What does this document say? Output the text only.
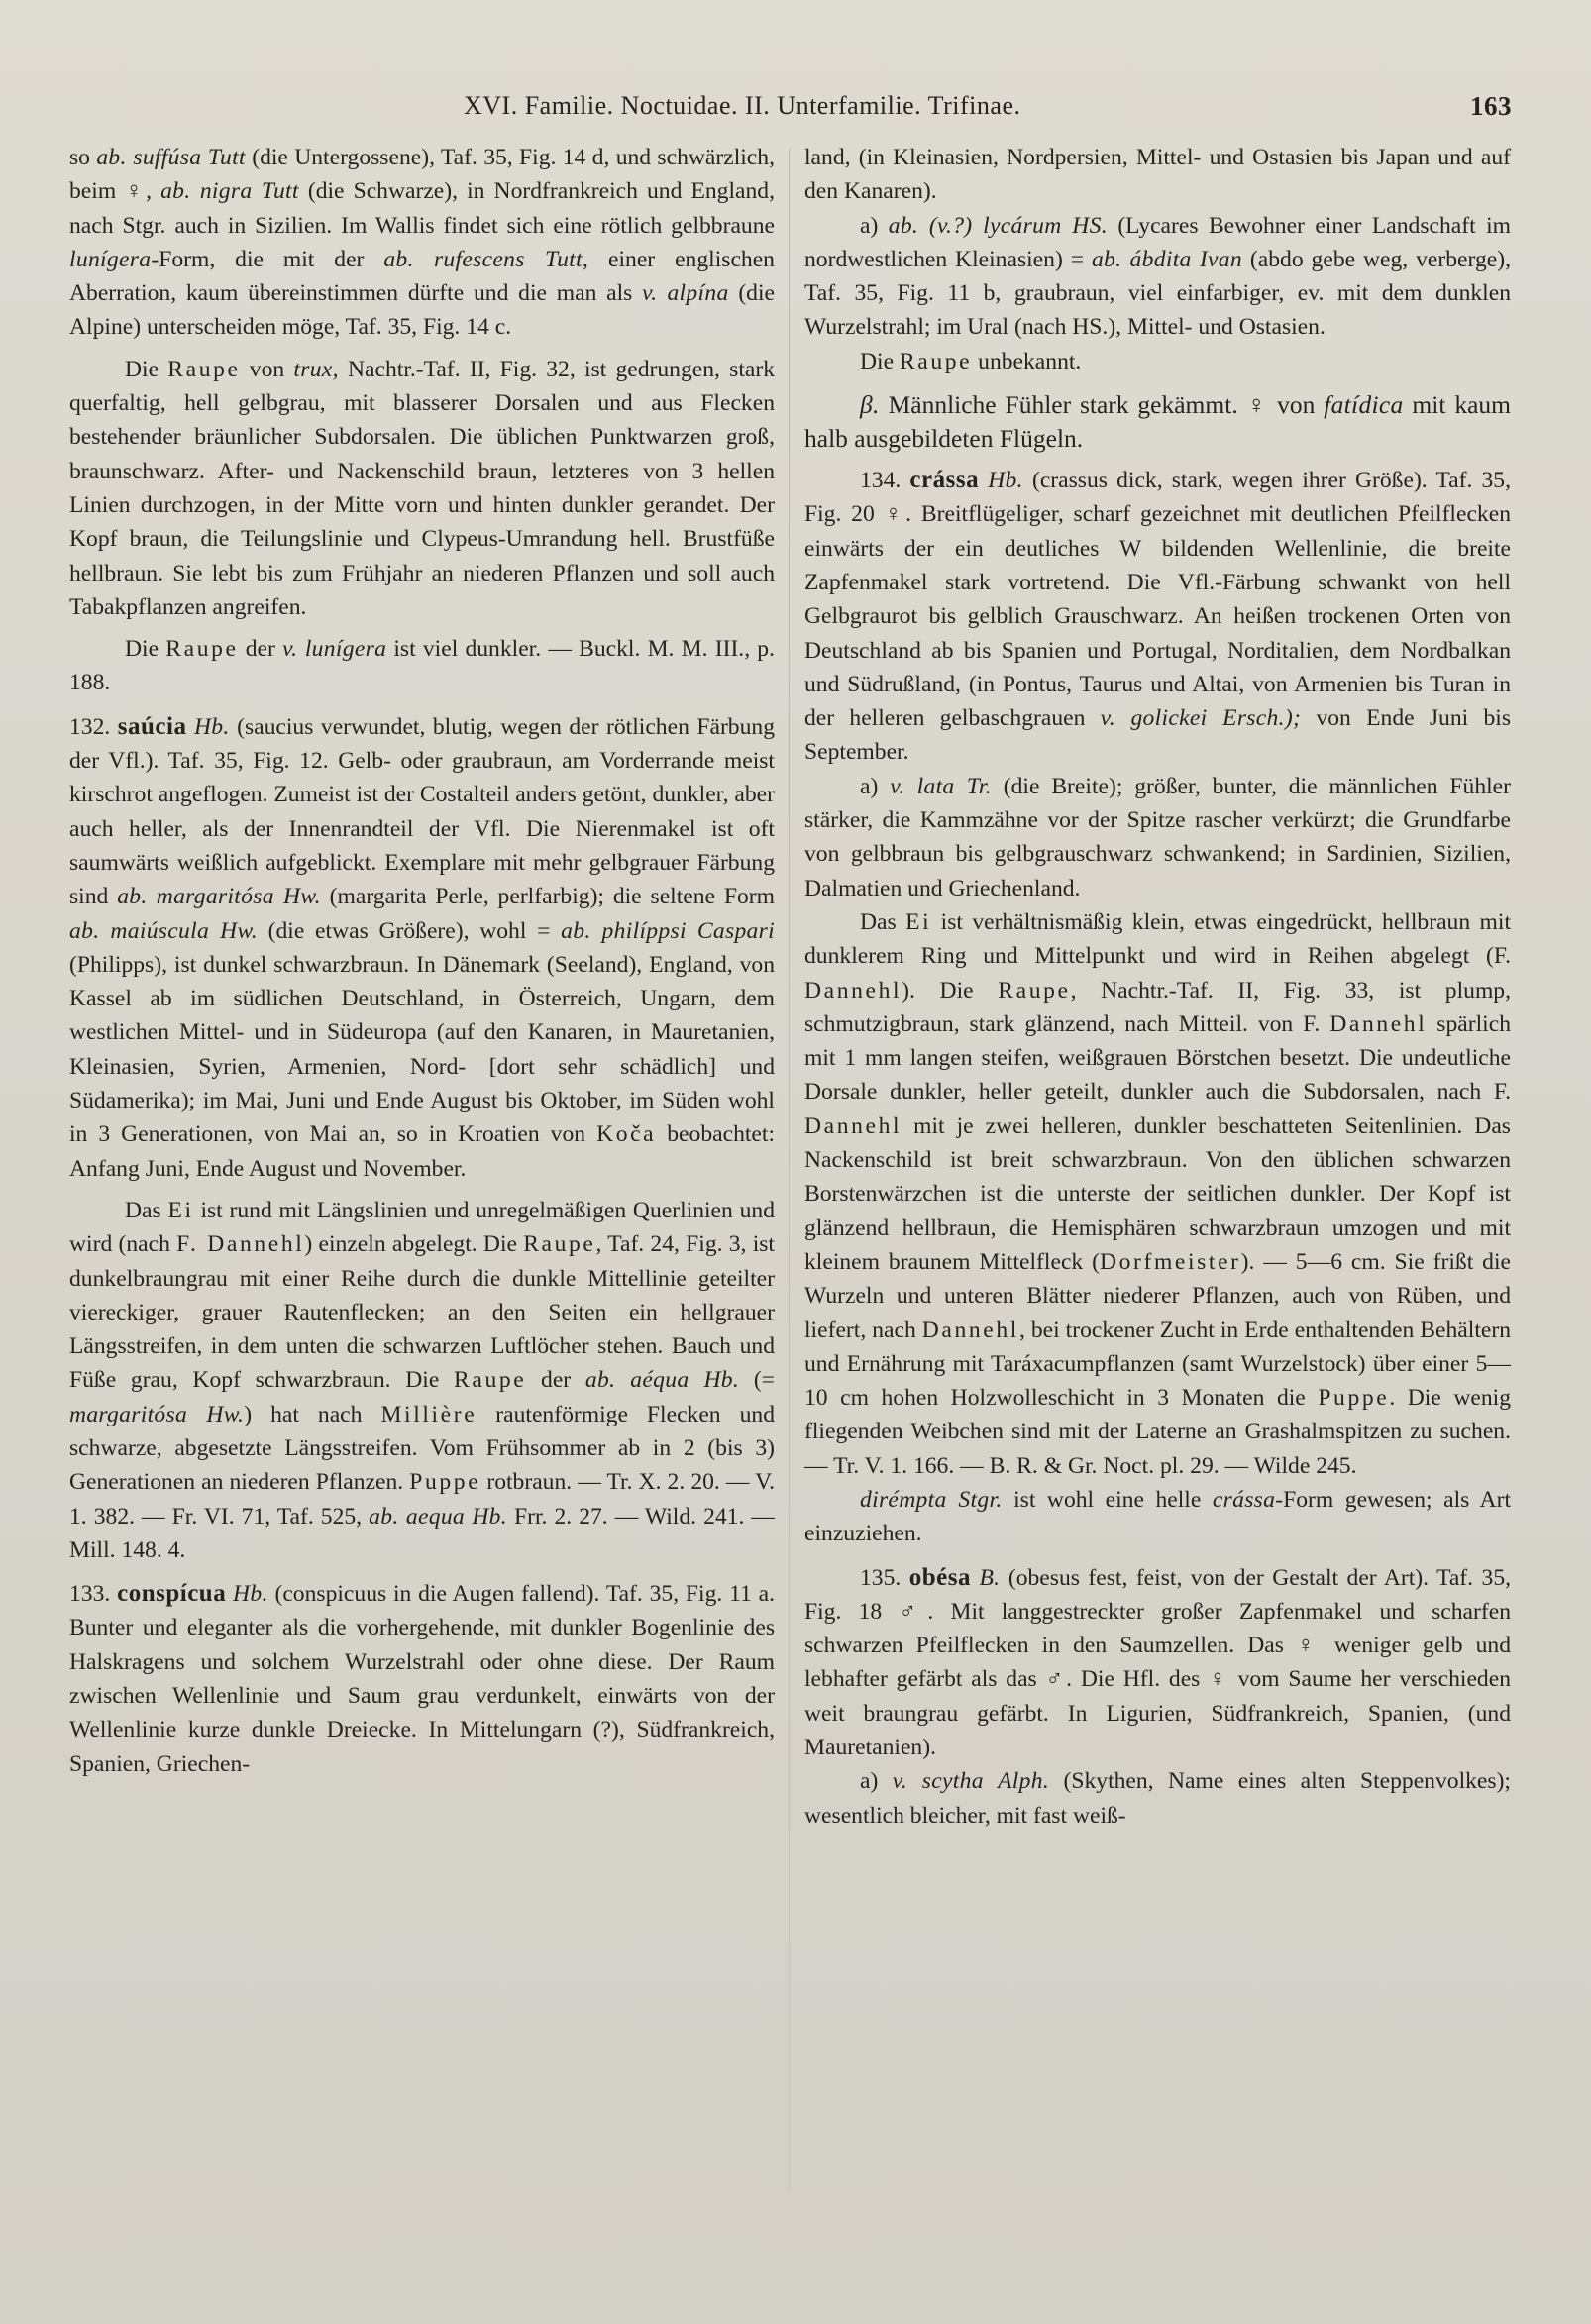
XVI. Familie. Noctuidae. II. Unterfamilie. Trifinae.	163

so ab. suffúsa Tutt (die Untergossene), Taf. 35, Fig. 14 d, und schwärzlich, beim ♀, ab. nigra Tutt (die Schwarze), in Nordfrankreich und England, nach Stgr. auch in Sizilien. Im Wallis findet sich eine rötlich gelbbraune lunígera-Form, die mit der ab. rufescens Tutt, einer englischen Aberration, kaum übereinstimmen dürfte und die man als v. alpína (die Alpine) unterscheiden möge, Taf. 35, Fig. 14 c.

Die Raupe von trux, Nachtr.-Taf. II, Fig. 32, ist gedrungen, stark querfaltig, hell gelbgrau, mit blasserer Dorsalen und aus Flecken bestehender bräunlicher Subdorsalen. Die üblichen Punktwarzen groß, braunschwarz. After- und Nackenschild braun, letzteres von 3 hellen Linien durchzogen, in der Mitte vorn und hinten dunkler gerandet. Der Kopf braun, die Teilungslinie und Clypeus-Umrandung hell. Brustfüße hellbraun. Sie lebt bis zum Frühjahr an niederen Pflanzen und soll auch Tabakpflanzen angreifen.

Die Raupe der v. lunígera ist viel dunkler. — Buckl. M. M. III., p. 188.

132. saúcia Hb. (saucius verwundet, blutig, wegen der rötlichen Färbung der Vfl.). Taf. 35, Fig. 12. Gelb- oder graubraun, am Vorderrande meist kirschrot angeflogen. Zumeist ist der Costalteil anders getönt, dunkler, aber auch heller, als der Innenrandteil der Vfl. Die Nierenmakel ist oft saumwärts weißlich aufgeblickt. Exemplare mit mehr gelbgrauer Färbung sind ab. margaritósa Hw. (margarita Perle, perlfarbig); die seltene Form ab. maiúscula Hw. (die etwas Größere), wohl = ab. philíppsi Caspari (Philipps), ist dunkel schwarzbraun. In Dänemark (Seeland), England, von Kassel ab im südlichen Deutschland, in Österreich, Ungarn, dem westlichen Mittel- und in Südeuropa (auf den Kanaren, in Mauretanien, Kleinasien, Syrien, Armenien, Nord- [dort sehr schädlich] und Südamerika); im Mai, Juni und Ende August bis Oktober, im Süden wohl in 3 Generationen, von Mai an, so in Kroatien von Koča beobachtet: Anfang Juni, Ende August und November.

Das Ei ist rund mit Längslinien und unregelmäßigen Querlinien und wird (nach F. Dannehl) einzeln abgelegt. Die Raupe, Taf. 24, Fig. 3, ist dunkelbraungrau mit einer Reihe durch die dunkle Mittellinie geteilter viereckiger, grauer Rautenflecken; an den Seiten ein hellgrauer Längsstreifen, in dem unten die schwarzen Luftlöcher stehen. Bauch und Füße grau, Kopf schwarzbraun. Die Raupe der ab. aéqua Hb. (= margaritósa Hw.) hat nach Millière rautenförmige Flecken und schwarze, abgesetzte Längsstreifen. Vom Frühsommer ab in 2 (bis 3) Generationen an niederen Pflanzen. Puppe rotbraun. — Tr. X. 2. 20. — V. 1. 382. — Fr. VI. 71, Taf. 525, ab. aequa Hb. Frr. 2. 27. — Wild. 241. — Mill. 148. 4.

133. conspícua Hb. (conspicuus in die Augen fallend). Taf. 35, Fig. 11 a. Bunter und eleganter als die vorhergehende, mit dunkler Bogenlinie des Halskragens und solchem Wurzelstrahl oder ohne diese. Der Raum zwischen Wellenlinie und Saum grau verdunkelt, einwärts von der Wellenlinie kurze dunkle Dreiecke. In Mittelungarn (?), Südfrankreich, Spanien, Griechen-

land, (in Kleinasien, Nordpersien, Mittel- und Ostasien bis Japan und auf den Kanaren).

a) ab. (v.?) lycárum HS. (Lycares Bewohner einer Landschaft im nordwestlichen Kleinasien) = ab. ábdita Ivan (abdo gebe weg, verberge), Taf. 35, Fig. 11 b, graubraun, viel einfarbiger, ev. mit dem dunklen Wurzelstrahl; im Ural (nach HS.), Mittel- und Ostasien.

Die Raupe unbekannt.

β. Männliche Fühler stark gekämmt. ♀ von fatídica mit kaum halb ausgebildeten Flügeln.

134. crássa Hb. (crassus dick, stark, wegen ihrer Größe). Taf. 35, Fig. 20 ♀. Breitflügeliger, scharf gezeichnet mit deutlichen Pfeilflecken einwärts der ein deutliches W bildenden Wellenlinie, die breite Zapfenmakel stark vortretend. Die Vfl.-Färbung schwankt von hell Gelbgraurot bis gelblich Grauschwarz. An heißen trockenen Orten von Deutschland ab bis Spanien und Portugal, Norditalien, dem Nordbalkan und Südrußland, (in Pontus, Taurus und Altai, von Armenien bis Turan in der helleren gelbaschgrauen v. golickei Ersch.); von Ende Juni bis September.

a) v. lata Tr. (die Breite); größer, bunter, die männlichen Fühler stärker, die Kammzähne vor der Spitze rascher verkürzt; die Grundfarbe von gelbbraun bis gelbgrauschwarz schwankend; in Sardinien, Sizilien, Dalmatien und Griechenland.

Das Ei ist verhältnismäßig klein, etwas eingedrückt, hellbraun mit dunklerem Ring und Mittelpunkt und wird in Reihen abgelegt (F. Dannehl). Die Raupe, Nachtr.-Taf. II, Fig. 33, ist plump, schmutzigbraun, stark glänzend, nach Mitteil. von F. Dannehl spärlich mit 1 mm langen steifen, weißgrauen Börstchen besetzt. Die undeutliche Dorsale dunkler, heller geteilt, dunkler auch die Subdorsalen, nach F. Dannehl mit je zwei helleren, dunkler beschatteten Seitenlinien. Das Nackenschild ist breit schwarzbraun. Von den üblichen schwarzen Borstenwärzchen ist die unterste der seitlichen dunkler. Der Kopf ist glänzend hellbraun, die Hemisphären schwarzbraun umzogen und mit kleinem braunem Mittelfleck (Dorfmeister). — 5—6 cm. Sie frißt die Wurzeln und unteren Blätter niederer Pflanzen, auch von Rüben, und liefert, nach Dannehl, bei trockener Zucht in Erde enthaltenden Behältern und Ernährung mit Taráxacumpflanzen (samt Wurzelstock) über einer 5—10 cm hohen Holzwolleschicht in 3 Monaten die Puppe. Die wenig fliegenden Weibchen sind mit der Laterne an Grashalmspitzen zu suchen. — Tr. V. 1. 166. — B. R. & Gr. Noct. pl. 29. — Wilde 245.

dirémpta Stgr. ist wohl eine helle crássa-Form gewesen; als Art einzuziehen.

135. obésa B. (obesus fest, feist, von der Gestalt der Art). Taf. 35, Fig. 18 ♂. Mit langgestreckter großer Zapfenmakel und scharfen schwarzen Pfeilflecken in den Saumzellen. Das ♀ weniger gelb und lebhafter gefärbt als das ♂. Die Hfl. des ♀ vom Saume her verschieden weit braungrau gefärbt. In Ligurien, Südfrankreich, Spanien, (und Mauretanien).

a) v. scytha Alph. (Skythen, Name eines alten Steppenvolkes); wesentlich bleicher, mit fast weiß-
